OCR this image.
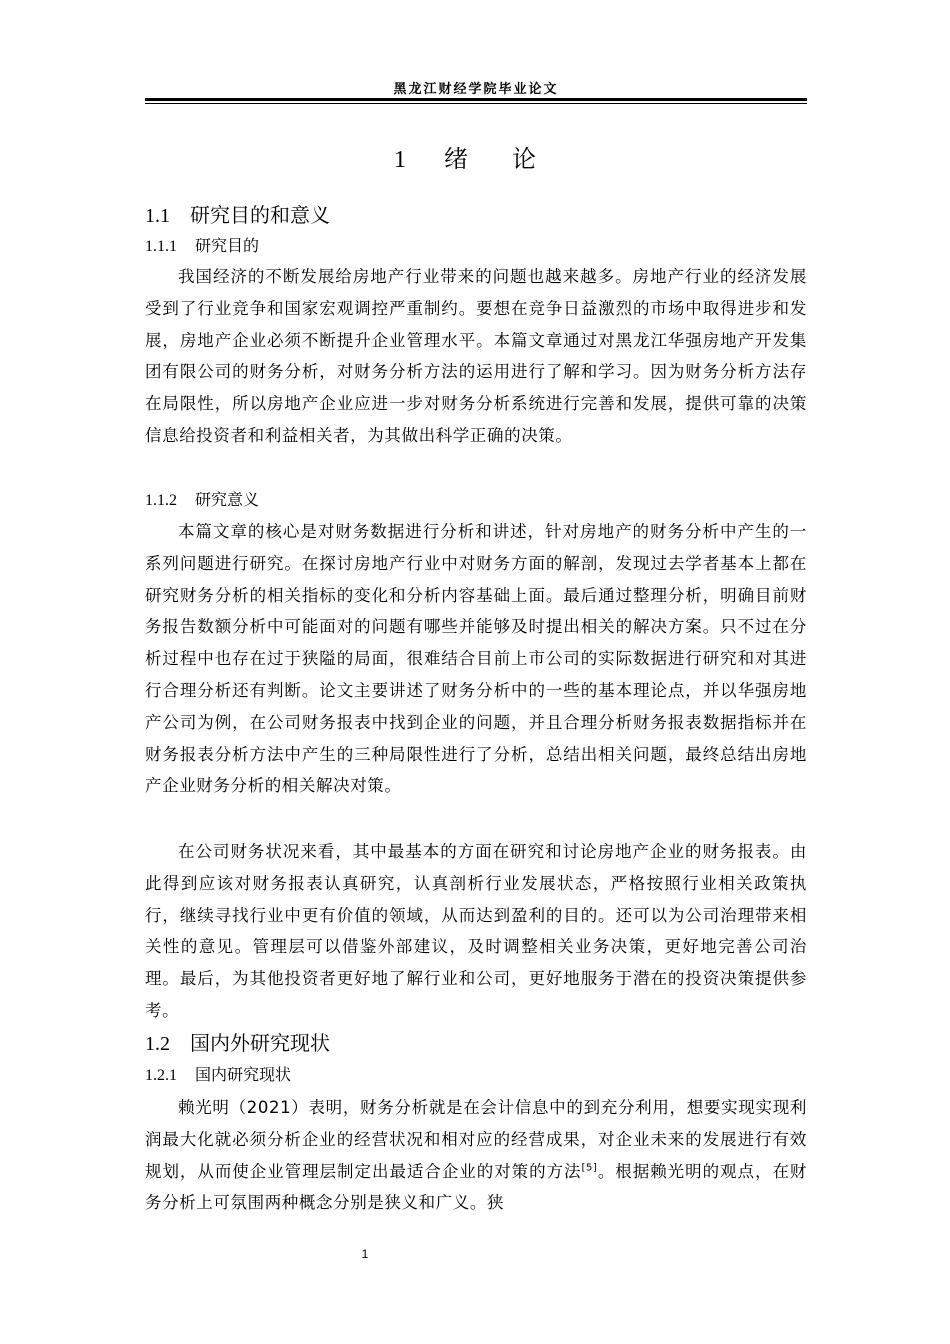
黑龙江财经学院毕业论文
1 绪 论
1.1 研究目的和意义
1.1.1 研究目的

我国经济的不断发展给房地产行业带来的问题也越来越多。房地产行业的经济发展受到了行业竞争和国家宏观调控严重制约。要想在竞争日益激烈的市场中取得进步和发展，房地产企业必须不断提升企业管理水平。本篇文章通过对黑龙江华强房地产开发集团有限公司的财务分析，对财务分析方法的运用进行了解和学习。因为财务分析方法存在局限性，所以房地产企业应进一步对财务分析系统进行完善和发展，提供可靠的决策信息给投资者和利益相关者，为其做出科学正确的决策。

1.1.2 研究意义

本篇文章的核心是对财务数据进行分析和讲述，针对房地产的财务分析中产生的一系列问题进行研究。在探讨房地产行业中对财务方面的解剖，发现过去学者基本上都在研究财务分析的相关指标的变化和分析内容基础上面。最后通过整理分析，明确目前财务报告数额分析中可能面对的问题有哪些并能够及时提出相关的解决方案。只不过在分析过程中也存在过于狭隘的局面，很难结合目前上市公司的实际数据进行研究和对其进行合理分析还有判断。论文主要讲述了财务分析中的一些的基本理论点，并以华强房地产公司为例，在公司财务报表中找到企业的问题，并且合理分析财务报表数据指标并在财务报表分析方法中产生的三种局限性进行了分析，总结出相关问题，最终总结出房地产企业财务分析的相关解决对策。

在公司财务状况来看，其中最基本的方面在研究和讨论房地产企业的财务报表。由此得到应该对财务报表认真研究，认真剖析行业发展状态，严格按照行业相关政策执行，继续寻找行业中更有价值的领域，从而达到盈利的目的。还可以为公司治理带来相关性的意见。管理层可以借鉴外部建议，及时调整相关业务决策，更好地完善公司治理。最后，为其他投资者更好地了解行业和公司，更好地服务于潜在的投资决策提供参考。

1.2 国内外研究现状
1.2.1 国内研究现状

赖光明（2021）表明，财务分析就是在会计信息中的到充分利用，想要实现实现利润最大化就必须分析企业的经营状况和相对应的经营成果，对企业未来的发展进行有效规划，从而使企业管理层制定出最适合企业的对策的方法[5]。根据赖光明的观点，在财务分析上可氛围两种概念分别是狭义和广义。狭

1
